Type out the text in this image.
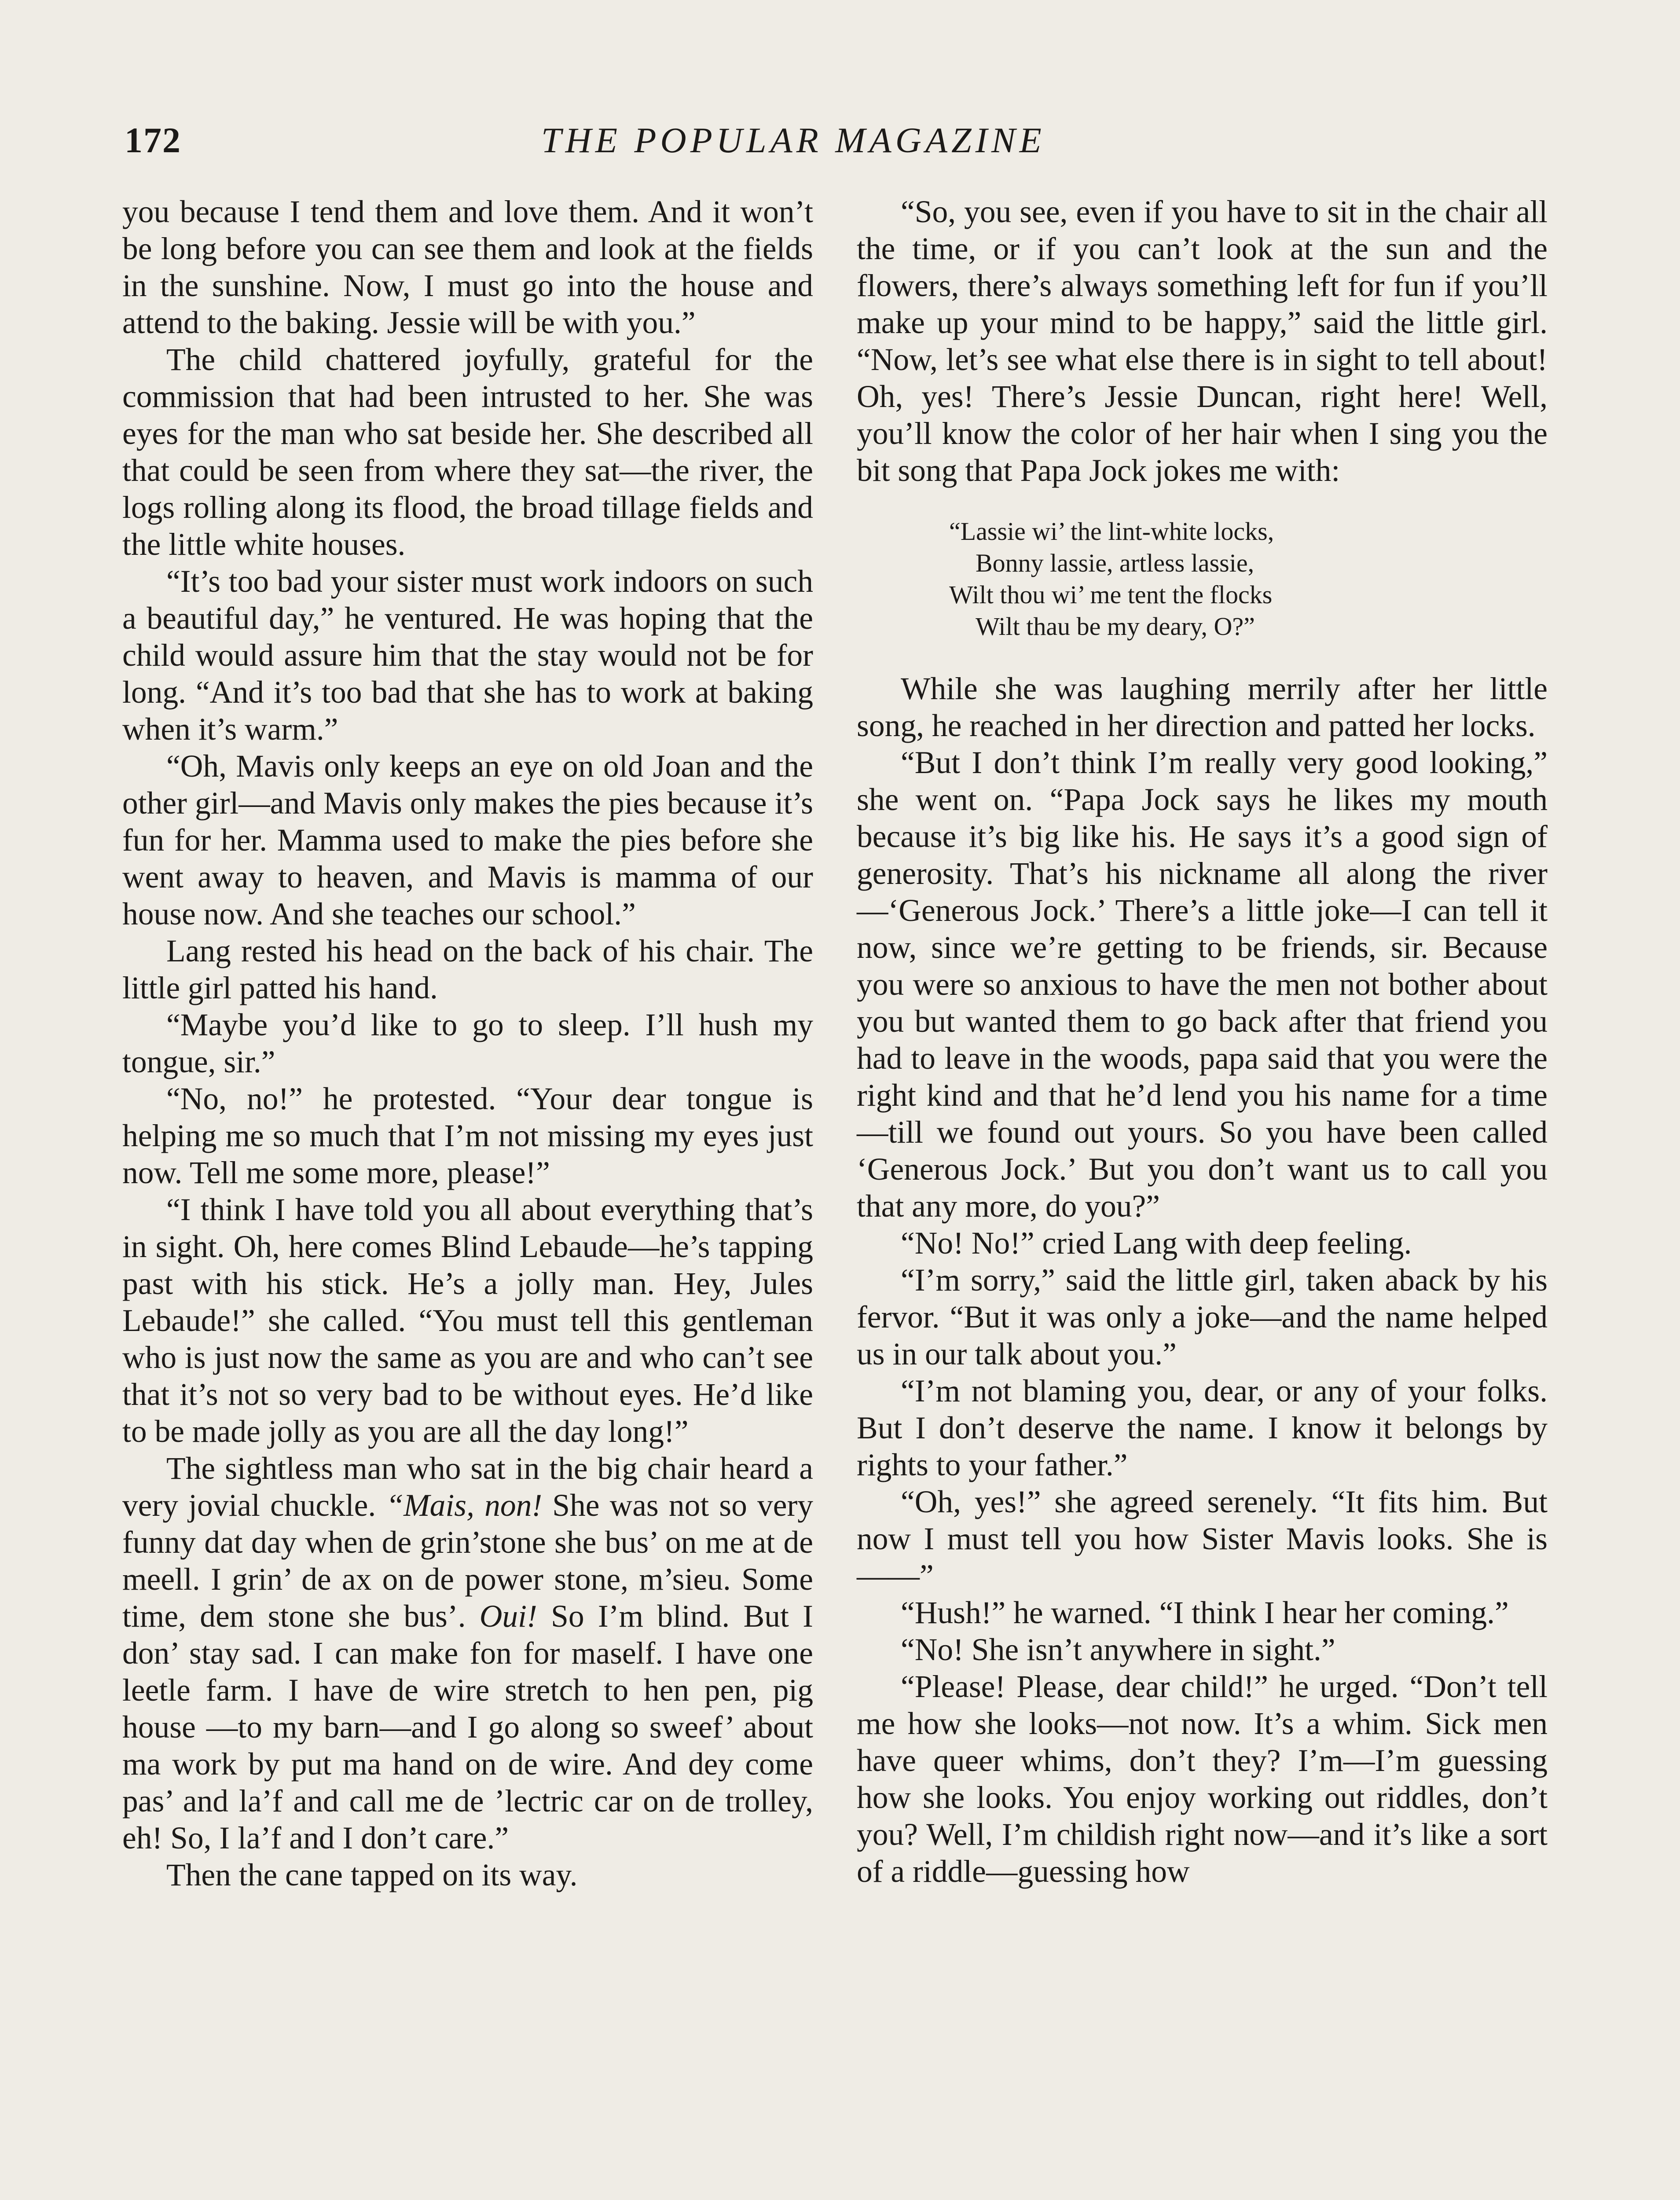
172	THE POPULAR MAGAZINE

you because I tend them and love them. And it won’t be long before you can see them and look at the fields in the sunshine. Now, I must go into the house and attend to the baking. Jessie will be with you.”

The child chattered joyfully, grateful for the commission that had been intrusted to her. She was eyes for the man who sat beside her. She described all that could be seen from where they sat—the river, the logs rolling along its flood, the broad tillage fields and the little white houses.

“It’s too bad your sister must work indoors on such a beautiful day,” he ventured. He was hoping that the child would assure him that the stay would not be for long. “And it’s too bad that she has to work at baking when it’s warm.”

“Oh, Mavis only keeps an eye on old Joan and the other girl—and Mavis only makes the pies because it’s fun for her. Mamma used to make the pies before she went away to heaven, and Mavis is mamma of our house now. And she teaches our school.”

Lang rested his head on the back of his chair. The little girl patted his hand.

“Maybe you’d like to go to sleep. I’ll hush my tongue, sir.”

“No, no!” he protested. “Your dear tongue is helping me so much that I’m not missing my eyes just now. Tell me some more, please!”

“I think I have told you all about everything that’s in sight. Oh, here comes Blind Lebaude—he’s tapping past with his stick. He’s a jolly man. Hey, Jules Lebaude!” she called. “You must tell this gentleman who is just now the same as you are and who can’t see that it’s not so very bad to be without eyes. He’d like to be made jolly as you are all the day long!”

The sightless man who sat in the big chair heard a very jovial chuckle. “Mais, non! She was not so very funny dat day when de grin’stone she bus’ on me at de meell. I grin’ de ax on de power stone, m’sieu. Some time, dem stone she bus’. Oui! So I’m blind. But I don’ stay sad. I can make fon for maself. I have one leetle farm. I have de wire stretch to hen pen, pig house —to my barn—and I go along so sweef’ about ma work by put ma hand on de wire. And dey come pas’ and la’f and call me de ’lectric car on de trolley, eh! So, I la’f and I don’t care.”

Then the cane tapped on its way.

“So, you see, even if you have to sit in the chair all the time, or if you can’t look at the sun and the flowers, there’s always something left for fun if you’ll make up your mind to be happy,” said the little girl. “Now, let’s see what else there is in sight to tell about! Oh, yes! There’s Jessie Duncan, right here! Well, you’ll know the color of her hair when I sing you the bit song that Papa Jock jokes me with:

“Lassie wi’ the lint-white locks,
Bonny lassie, artless lassie,
Wilt thou wi’ me tent the flocks
Wilt thau be my deary, O?”

While she was laughing merrily after her little song, he reached in her direction and patted her locks.

“But I don’t think I’m really very good looking,” she went on. “Papa Jock says he likes my mouth because it’s big like his. He says it’s a good sign of generosity. That’s his nickname all along the river—‘Generous Jock.’ There’s a little joke—I can tell it now, since we’re getting to be friends, sir. Because you were so anxious to have the men not bother about you but wanted them to go back after that friend you had to leave in the woods, papa said that you were the right kind and that he’d lend you his name for a time—till we found out yours. So you have been called ‘Generous Jock.’ But you don’t want us to call you that any more, do you?”

“No! No!” cried Lang with deep feeling.

“I’m sorry,” said the little girl, taken aback by his fervor. “But it was only a joke—and the name helped us in our talk about you.”

“I’m not blaming you, dear, or any of your folks. But I don’t deserve the name. I know it belongs by rights to your father.”

“Oh, yes!” she agreed serenely. “It fits him. But now I must tell you how Sister Mavis looks. She is——”

“Hush!” he warned. “I think I hear her coming.”

“No! She isn’t anywhere in sight.”

“Please! Please, dear child!” he urged. “Don’t tell me how she looks—not now. It’s a whim. Sick men have queer whims, don’t they? I’m—I’m guessing how she looks. You enjoy working out riddles, don’t you? Well, I’m childish right now—and it’s like a sort of a riddle—guessing how
